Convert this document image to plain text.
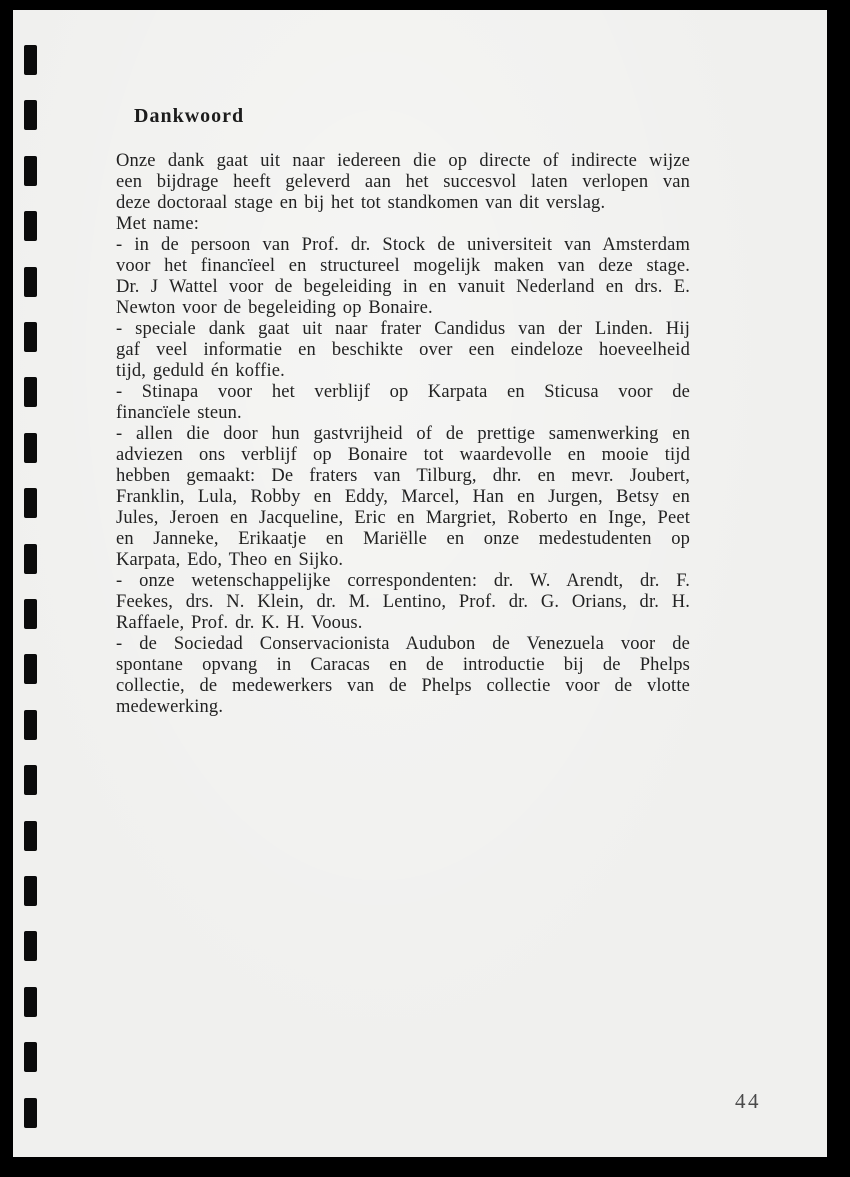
Dankwoord
Onze dank gaat uit naar iedereen die op directe of indirecte wijze
een bijdrage heeft geleverd aan het succesvol laten verlopen van
deze doctoraal stage en bij het tot standkomen van dit verslag.
Met name:
- in de persoon van Prof. dr. Stock de universiteit van Amsterdam
voor het financïeel en structureel mogelijk maken van deze stage.
Dr. J Wattel voor de begeleiding in en vanuit Nederland en drs. E.
Newton voor de begeleiding op Bonaire.
- speciale dank gaat uit naar frater Candidus van der Linden. Hij
gaf veel informatie en beschikte over een eindeloze hoeveelheid
tijd, geduld én koffie.
- Stinapa voor het verblijf op Karpata en Sticusa voor de
financïele steun.
- allen die door hun gastvrijheid of de prettige samenwerking en
adviezen ons verblijf op Bonaire tot waardevolle en mooie tijd
hebben gemaakt: De fraters van Tilburg, dhr. en mevr. Joubert,
Franklin, Lula, Robby en Eddy, Marcel, Han en Jurgen, Betsy en
Jules, Jeroen en Jacqueline, Eric en Margriet, Roberto en Inge, Peet
en Janneke, Erikaatje en Mariëlle en onze medestudenten op
Karpata, Edo, Theo en Sijko.
- onze wetenschappelijke correspondenten: dr. W. Arendt, dr. F.
Feekes, drs. N. Klein, dr. M. Lentino, Prof. dr. G. Orians, dr. H.
Raffaele, Prof. dr. K. H. Voous.
- de Sociedad Conservacionista Audubon de Venezuela voor de
spontane opvang in Caracas en de introductie bij de Phelps
collectie, de medewerkers van de Phelps collectie voor de vlotte
medewerking.
44
